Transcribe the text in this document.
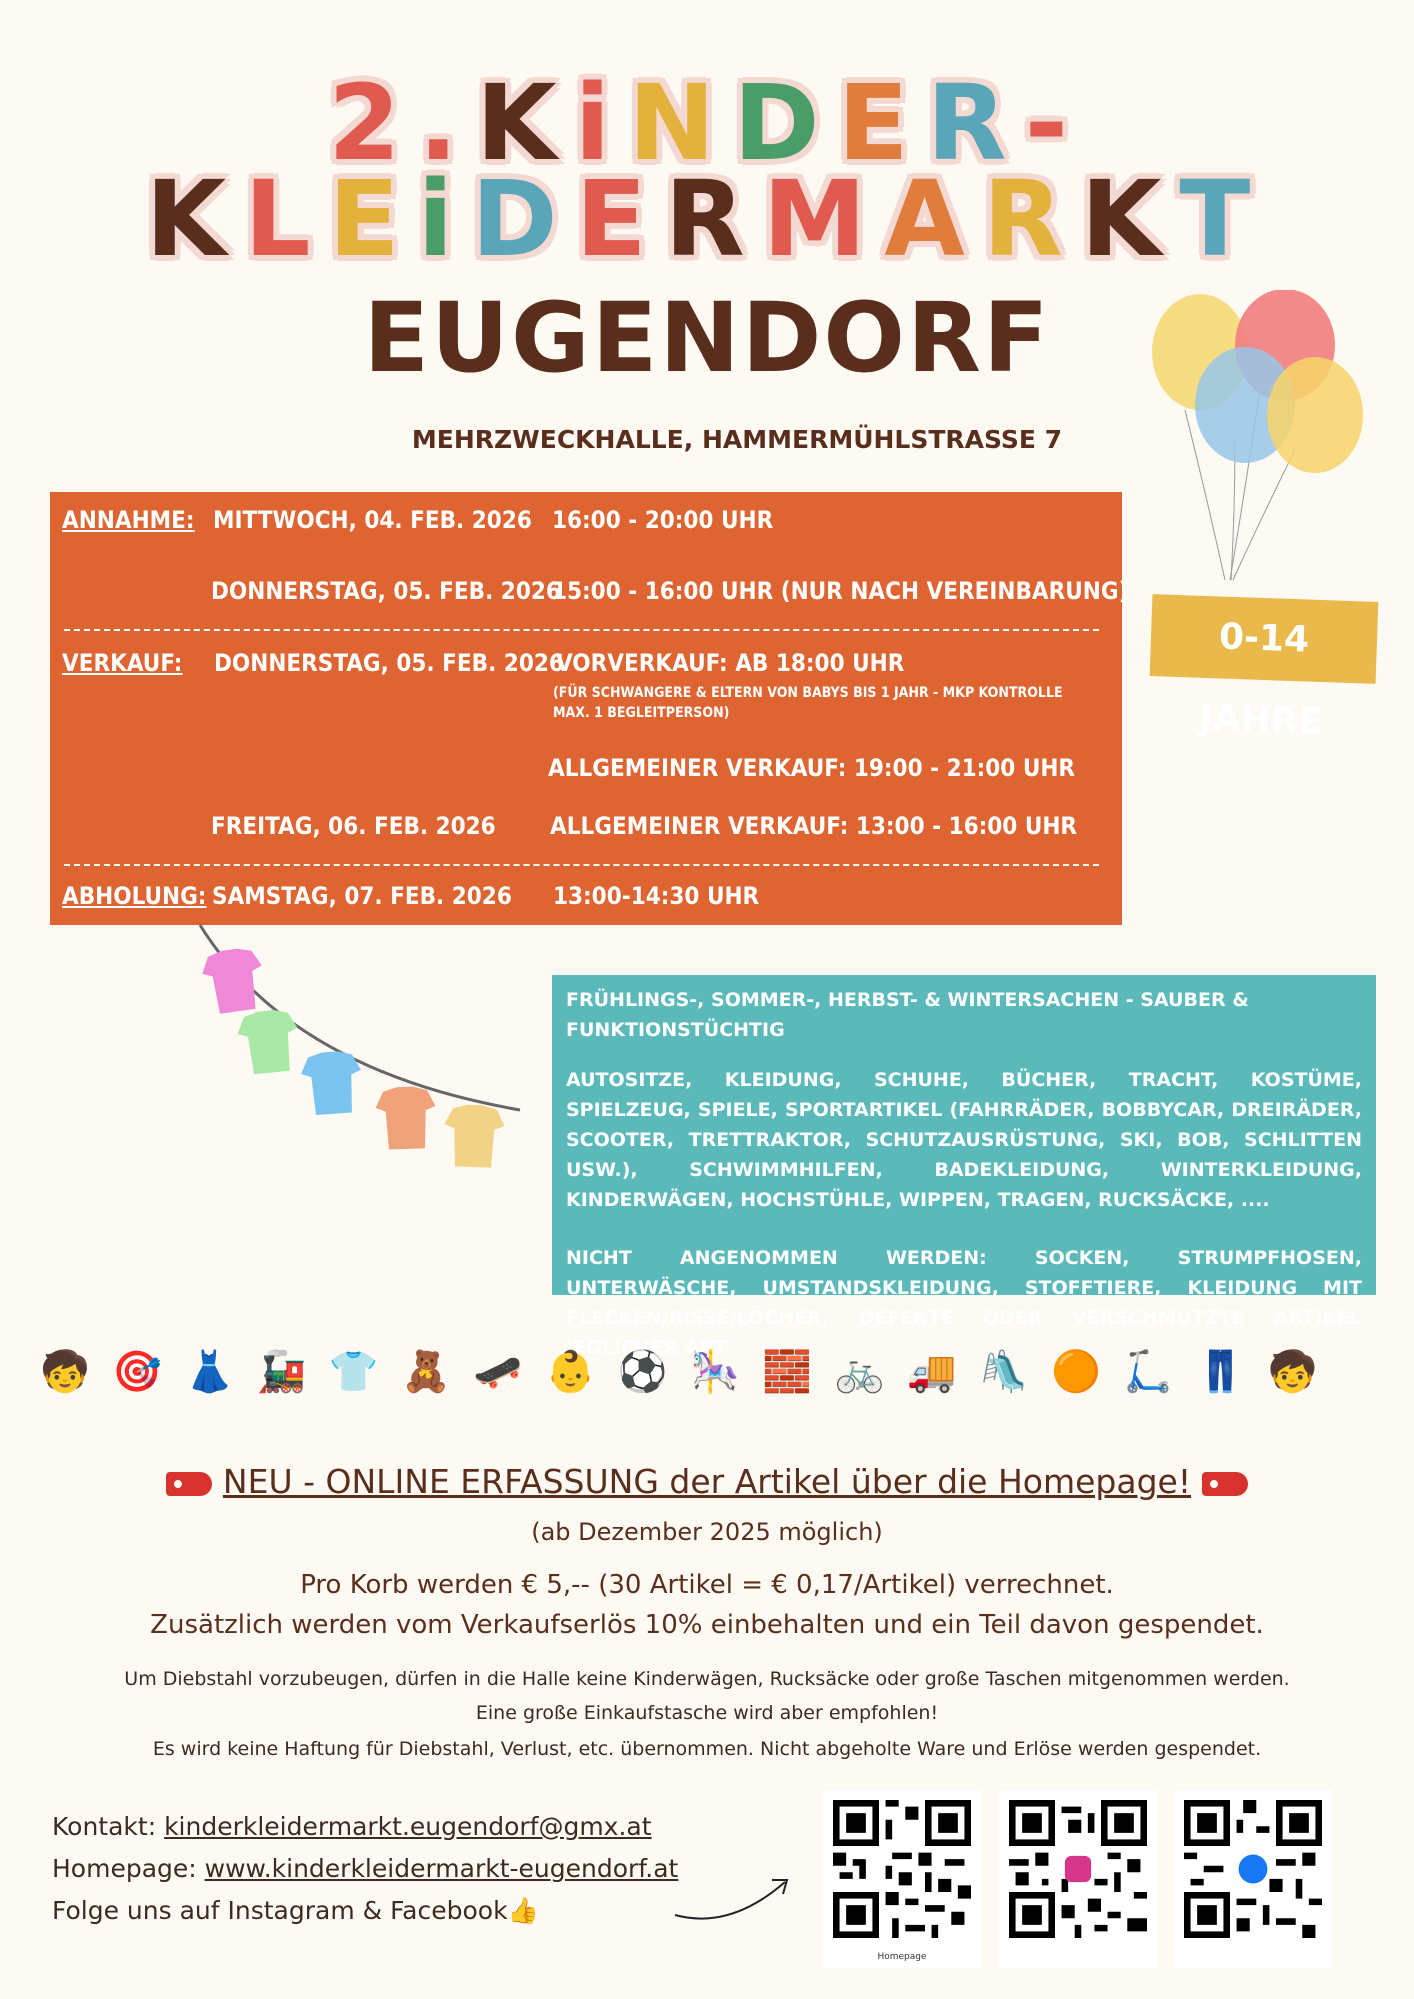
2.KiNDER-
KLEiDERMARKT
EUGENDORF
MEHRZWECKHALLE, HAMMERMÜHLSTRASSE 7
ANNAHME: MITTWOCH, 04. FEB. 2026 16:00 - 20:00 UHR
DONNERSTAG, 05. FEB. 2026
15:00 - 16:00 UHR (NUR NACH VEREINBARUNG)
VERKAUF: DONNERSTAG, 05. FEB. 2026
VORVERKAUF: AB 18:00 UHR
(FÜR SCHWANGERE & ELTERN VON BABYS BIS 1 JAHR - MKP KONTROLLE
MAX. 1 BEGLEITPERSON)
ALLGEMEINER VERKAUF: 19:00 - 21:00 UHR
FREITAG, 06. FEB. 2026 ALLGEMEINER VERKAUF: 13:00 - 16:00 UHR
ABHOLUNG: SAMSTAG, 07. FEB. 2026 13:00-14:30 UHR
0-14 JAHRE

FRÜHLINGS-, SOMMER-, HERBST- & WINTERSACHEN - SAUBER & FUNKTIONSTÜCHTIG

AUTOSITZE, KLEIDUNG, SCHUHE, BÜCHER, TRACHT, KOSTÜME, SPIELZEUG, SPIELE, SPORTARTIKEL (FAHRRÄDER, BOBBYCAR, DREIRÄDER, SCOOTER, TRETTRAKTOR, SCHUTZAUSRÜSTUNG, SKI, BOB, SCHLITTEN USW.), SCHWIMMHILFEN, BADEKLEIDUNG, WINTERKLEIDUNG, KINDERWÄGEN, HOCHSTÜHLE, WIPPEN, TRAGEN, RUCKSÄCKE, ....

NICHT ANGENOMMEN WERDEN: SOCKEN, STRUMPFHOSEN, UNTERWÄSCHE, UMSTANDSKLEIDUNG, STOFFTIERE, KLEIDUNG MIT FLECKEN/RISSE/LÖCHER, DEFEKTE ODER VERSCHMUTZTE ARTIKEL JEGLICHER ART

🧒 🎯 👗 🚂 👕 🧸 🛹 👶 ⚽ 🎠 🧱 🚲 🚚 🛝 🟠 🛴 👖 🧒
NEU - ONLINE ERFASSUNG der Artikel über die Homepage!
(ab Dezember 2025 möglich)
Pro Korb werden € 5,-- (30 Artikel = € 0,17/Artikel) verrechnet.
Zusätzlich werden vom Verkaufserlös 10% einbehalten und ein Teil davon gespendet.
Um Diebstahl vorzubeugen, dürfen in die Halle keine Kinderwägen, Rucksäcke oder große Taschen mitgenommen werden.
Eine große Einkaufstasche wird aber empfohlen!
Es wird keine Haftung für Diebstahl, Verlust, etc. übernommen. Nicht abgeholte Ware und Erlöse werden gespendet.
Kontakt: kinderkleidermarkt.eugendorf@gmx.at
Homepage: www.kinderkleidermarkt-eugendorf.at
Folge uns auf Instagram & Facebook👍
Homepage
